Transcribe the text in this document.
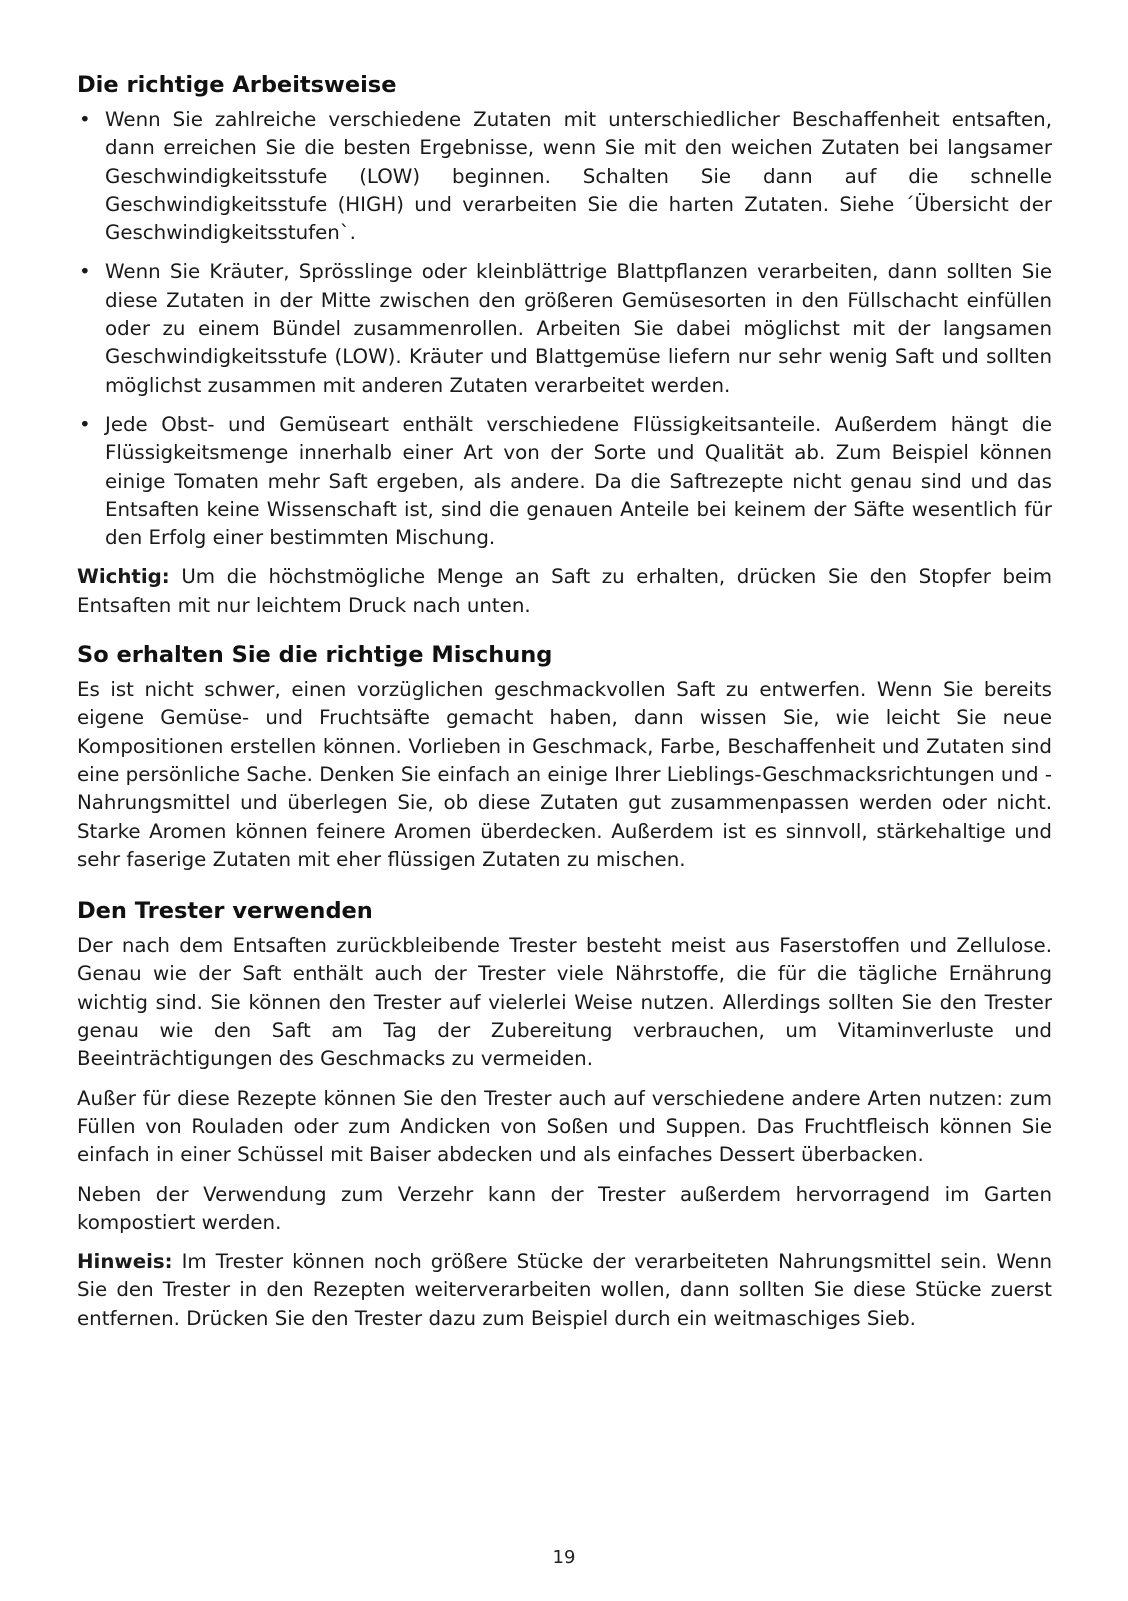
Die richtige Arbeitsweise
• Wenn Sie zahlreiche verschiedene Zutaten mit unterschiedlicher Beschaffenheit entsaften, dann erreichen Sie die besten Ergebnisse, wenn Sie mit den weichen Zutaten bei langsamer Geschwindigkeitsstufe (LOW) beginnen. Schalten Sie dann auf die schnelle Geschwindigkeitsstufe (HIGH) und verarbeiten Sie die harten Zutaten. Siehe ´Übersicht der Geschwindigkeitsstufen`.
• Wenn Sie Kräuter, Sprösslinge oder kleinblättrige Blattpflanzen verarbeiten, dann sollten Sie diese Zutaten in der Mitte zwischen den größeren Gemüsesorten in den Füllschacht einfüllen oder zu einem Bündel zusammenrollen. Arbeiten Sie dabei möglichst mit der langsamen Geschwindigkeitsstufe (LOW). Kräuter und Blattgemüse liefern nur sehr wenig Saft und sollten möglichst zusammen mit anderen Zutaten verarbeitet werden.
• Jede Obst- und Gemüseart enthält verschiedene Flüssigkeitsanteile. Außerdem hängt die Flüssigkeitsmenge innerhalb einer Art von der Sorte und Qualität ab. Zum Beispiel können einige Tomaten mehr Saft ergeben, als andere. Da die Saftrezepte nicht genau sind und das Entsaften keine Wissenschaft ist, sind die genauen Anteile bei keinem der Säfte wesentlich für den Erfolg einer bestimmten Mischung.

Wichtig: Um die höchstmögliche Menge an Saft zu erhalten, drücken Sie den Stopfer beim Entsaften mit nur leichtem Druck nach unten.

So erhalten Sie die richtige Mischung

Es ist nicht schwer, einen vorzüglichen geschmackvollen Saft zu entwerfen. Wenn Sie bereits eigene Gemüse- und Fruchtsäfte gemacht haben, dann wissen Sie, wie leicht Sie neue Kompositionen erstellen können. Vorlieben in Geschmack, Farbe, Beschaffenheit und Zutaten sind eine persönliche Sache. Denken Sie einfach an einige Ihrer Lieblings-Geschmacksrichtungen und -Nahrungsmittel und überlegen Sie, ob diese Zutaten gut zusammenpassen werden oder nicht. Starke Aromen können feinere Aromen überdecken. Außerdem ist es sinnvoll, stärkehaltige und sehr faserige Zutaten mit eher flüssigen Zutaten zu mischen.

Den Trester verwenden

Der nach dem Entsaften zurückbleibende Trester besteht meist aus Faserstoffen und Zellulose. Genau wie der Saft enthält auch der Trester viele Nährstoffe, die für die tägliche Ernährung wichtig sind. Sie können den Trester auf vielerlei Weise nutzen. Allerdings sollten Sie den Trester genau wie den Saft am Tag der Zubereitung verbrauchen, um Vitaminverluste und Beeinträchtigungen des Geschmacks zu vermeiden.

Außer für diese Rezepte können Sie den Trester auch auf verschiedene andere Arten nutzen: zum Füllen von Rouladen oder zum Andicken von Soßen und Suppen. Das Fruchtfleisch können Sie einfach in einer Schüssel mit Baiser abdecken und als einfaches Dessert überbacken.

Neben der Verwendung zum Verzehr kann der Trester außerdem hervorragend im Garten kompostiert werden.

Hinweis: Im Trester können noch größere Stücke der verarbeiteten Nahrungsmittel sein. Wenn Sie den Trester in den Rezepten weiterverarbeiten wollen, dann sollten Sie diese Stücke zuerst entfernen. Drücken Sie den Trester dazu zum Beispiel durch ein weitmaschiges Sieb.

19
